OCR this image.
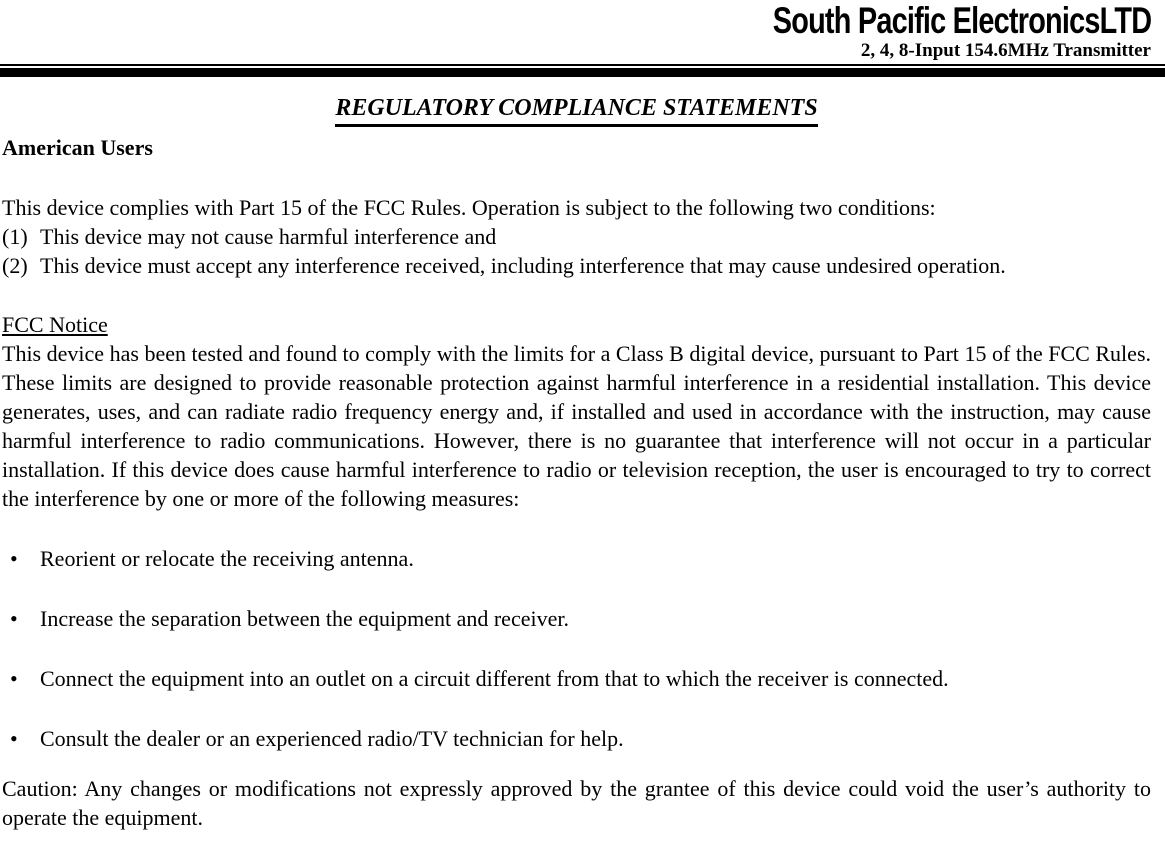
South Pacific ElectronicsLTD
2, 4, 8-Input 154.6MHz Transmitter
REGULATORY COMPLIANCE STATEMENTS
American Users
This device complies with Part 15 of the FCC Rules. Operation is subject to the following two conditions:
(1) This device may not cause harmful interference and
(2) This device must accept any interference received, including interference that may cause undesired operation.
FCC Notice
This device has been tested and found to comply with the limits for a Class B digital device, pursuant to Part 15 of the FCC Rules. These limits are designed to provide reasonable protection against harmful interference in a residential installation. This device generates, uses, and can radiate radio frequency energy and, if installed and used in accordance with the instruction, may cause harmful interference to radio communications. However, there is no guarantee that interference will not occur in a particular installation. If this device does cause harmful interference to radio or television reception, the user is encouraged to try to correct the interference by one or more of the following measures:
•	Reorient or relocate the receiving antenna.
•	Increase the separation between the equipment and receiver.
•	Connect the equipment into an outlet on a circuit different from that to which the receiver is connected.
•	Consult the dealer or an experienced radio/TV technician for help.
Caution: Any changes or modifications not expressly approved by the grantee of this device could void the user’s authority to operate the equipment.
